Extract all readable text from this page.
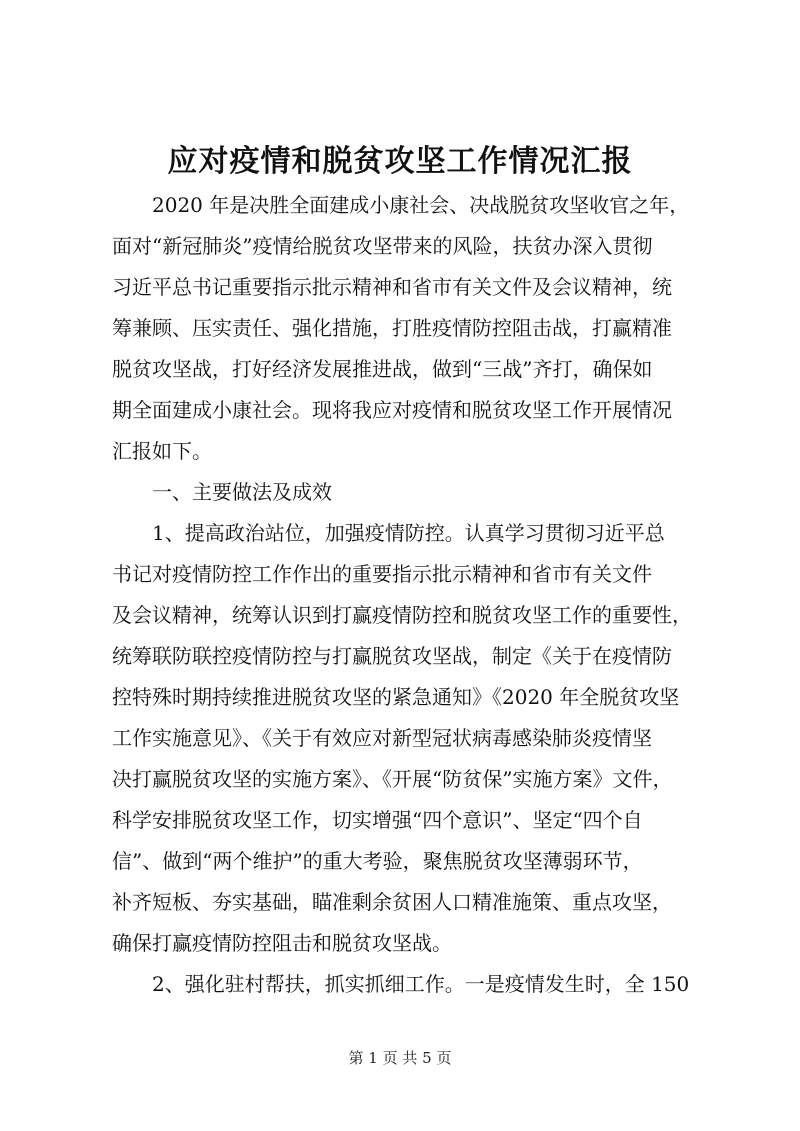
应对疫情和脱贫攻坚工作情况汇报
　　2020 年是决胜全面建成小康社会、决战脱贫攻坚收官之年，
面对“新冠肺炎”疫情给脱贫攻坚带来的风险，扶贫办深入贯彻
习近平总书记重要指示批示精神和省市有关文件及会议精神，统
筹兼顾、压实责任、强化措施，打胜疫情防控阻击战，打赢精准
脱贫攻坚战，打好经济发展推进战，做到“三战”齐打，确保如
期全面建成小康社会。现将我应对疫情和脱贫攻坚工作开展情况
汇报如下。
　　一、主要做法及成效
　　1、提高政治站位，加强疫情防控。认真学习贯彻习近平总
书记对疫情防控工作作出的重要指示批示精神和省市有关文件
及会议精神，统筹认识到打赢疫情防控和脱贫攻坚工作的重要性，
统筹联防联控疫情防控与打赢脱贫攻坚战，制定《关于在疫情防
控特殊时期持续推进脱贫攻坚的紧急通知》《2020 年全脱贫攻坚
工作实施意见》、《关于有效应对新型冠状病毒感染肺炎疫情坚
决打赢脱贫攻坚的实施方案》、《开展“防贫保”实施方案》文件，
科学安排脱贫攻坚工作，切实增强“四个意识”、坚定“四个自
信”、做到“两个维护”的重大考验，聚焦脱贫攻坚薄弱环节，
补齐短板、夯实基础，瞄准剩余贫困人口精准施策、重点攻坚，
确保打赢疫情防控阻击和脱贫攻坚战。
　　2、强化驻村帮扶，抓实抓细工作。一是疫情发生时，全 150
第 1 页 共 5 页
